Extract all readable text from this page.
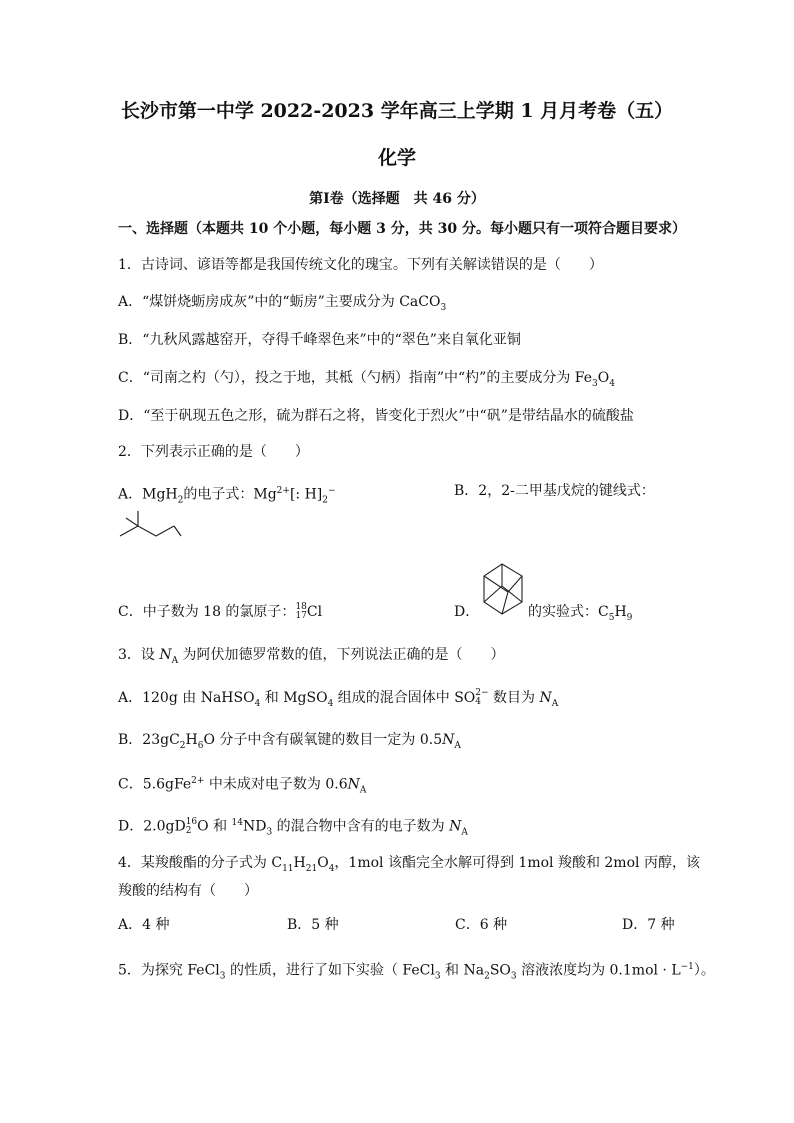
长沙市第一中学 2022-2023 学年高三上学期 1 月月考卷（五）
化学
第Ⅰ卷（选择题　共 46 分）
一、选择题（本题共 10 个小题，每小题 3 分，共 30 分。每小题只有一项符合题目要求）
1．古诗词、谚语等都是我国传统文化的瑰宝。下列有关解读错误的是（　　）
A．“煤饼烧蛎房成灰”中的“蛎房”主要成分为 CaCO$_3$
B．“九秋风露越窑开，夺得千峰翠色来”中的“翠色”来自氧化亚铜
C．“司南之杓（勺），投之于地，其柢（勺柄）指南”中“杓”的主要成分为 $Fe_3O_4$
D．“至于矾现五色之形，硫为群石之将，皆变化于烈火”中“矾”是带结晶水的硫酸盐
2．下列表示正确的是（　　）
A．MgH$_2$的电子式：$Mg^{2+}$[: $H]_2^-$	B．2，2-二甲基戊烷的键线式：
C．中子数为 18 的氯原子：18
17Cl	D．	的实验式：$C_5H_9$
3．设 $N_A$ 为阿伏加德罗常数的值，下列说法正确的是（　　）
A．120g 由 NaHSO$_4$ 和 MgSO$_4$ 组成的混合固体中 SO2−
4 数目为 $N_A$
B．$23gC_2H_6O$ 分子中含有碳氧键的数目一定为 $0.5N_A$
C．5.6gFe$^{2+}$ 中未成对电子数为 $0.6N_A$
D．2.0gD16
2 O 和 $^{14}ND_3$ 的混合物中含有的电子数为 $N_A$
4．某羧酸酯的分子式为 $C_{11}H_{21}O_4$，1mol 该酯完全水解可得到 1mol 羧酸和 2mol 丙醇，该
羧酸的结构有（　　）
A．4 种	B．5 种	C．6 种	D．7 种
5．为探究 FeCl$_3$ 的性质，进行了如下实验（ FeCl$_3$ 和 $Na_2SO_3$ 溶液浓度均为 $0.1mol \cdot L^{-1}$）。
